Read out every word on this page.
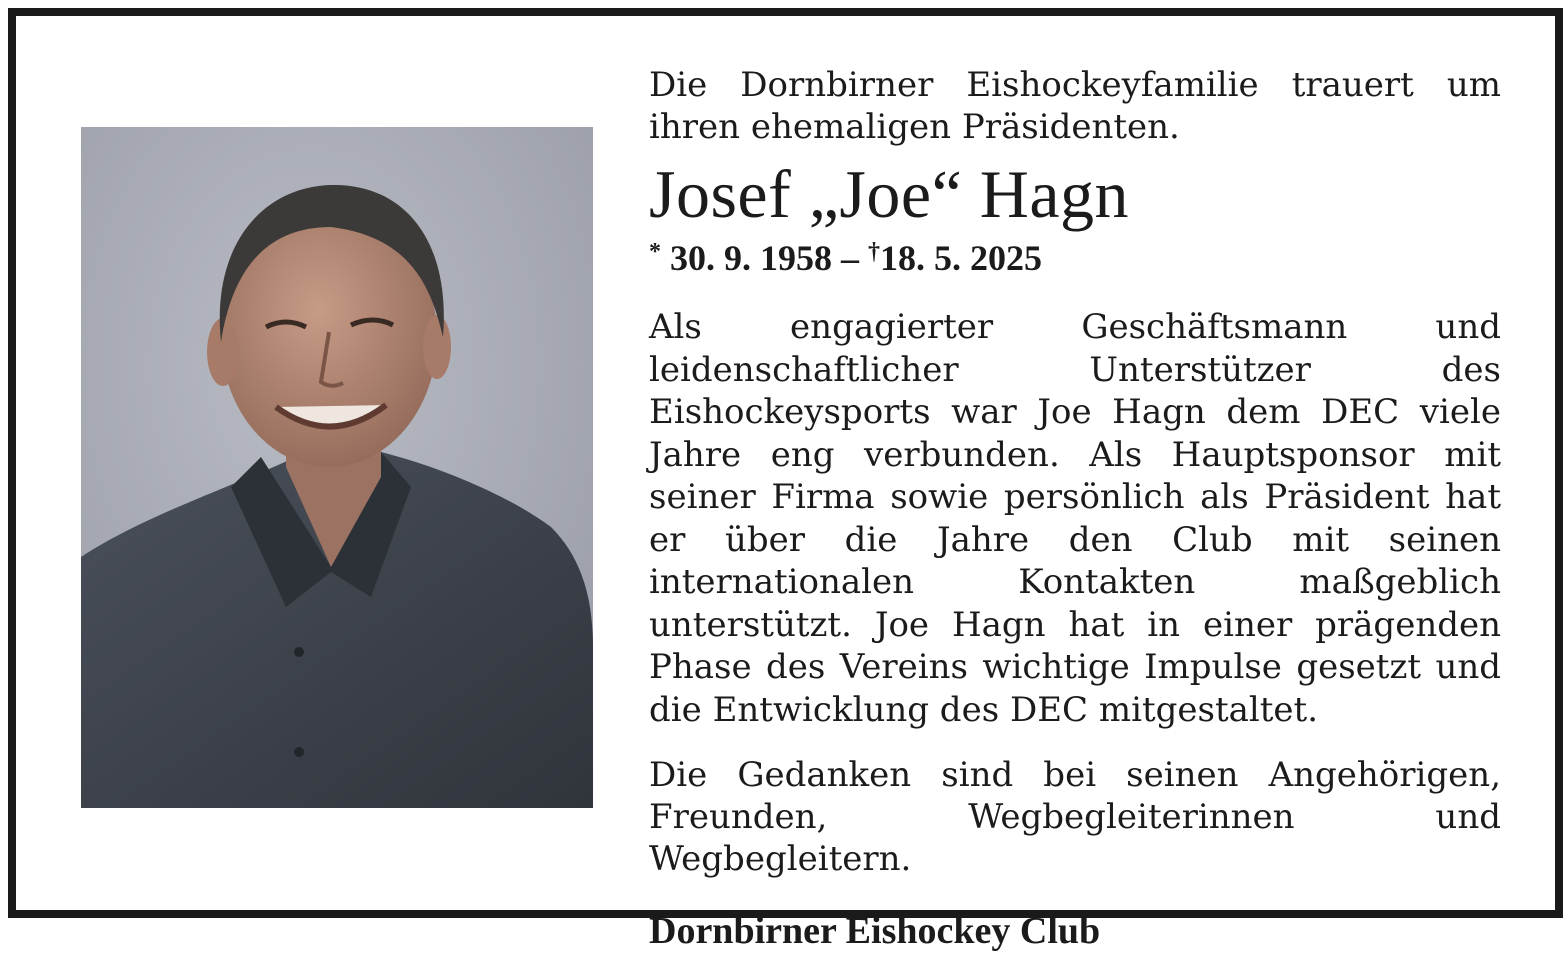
Die Dornbirner Eishockeyfamilie trauert um ihren ehemaligen Präsidenten.

Josef „Joe“ Hagn
* 30. 9. 1958 – †18. 5. 2025

Als engagierter Geschäftsmann und leidenschaftlicher Unterstützer des Eishockeysports war Joe Hagn dem DEC viele Jahre eng verbunden. Als Hauptsponsor mit seiner Firma sowie persönlich als Präsident hat er über die Jahre den Club mit seinen internationalen Kontakten maßgeblich unterstützt. Joe Hagn hat in einer prägenden Phase des Vereins wichtige Impulse gesetzt und die Entwicklung des DEC mitgestaltet.

Die Gedanken sind bei seinen Angehörigen, Freunden, Wegbegleiterinnen und Wegbegleitern.

Dornbirner Eishockey Club
